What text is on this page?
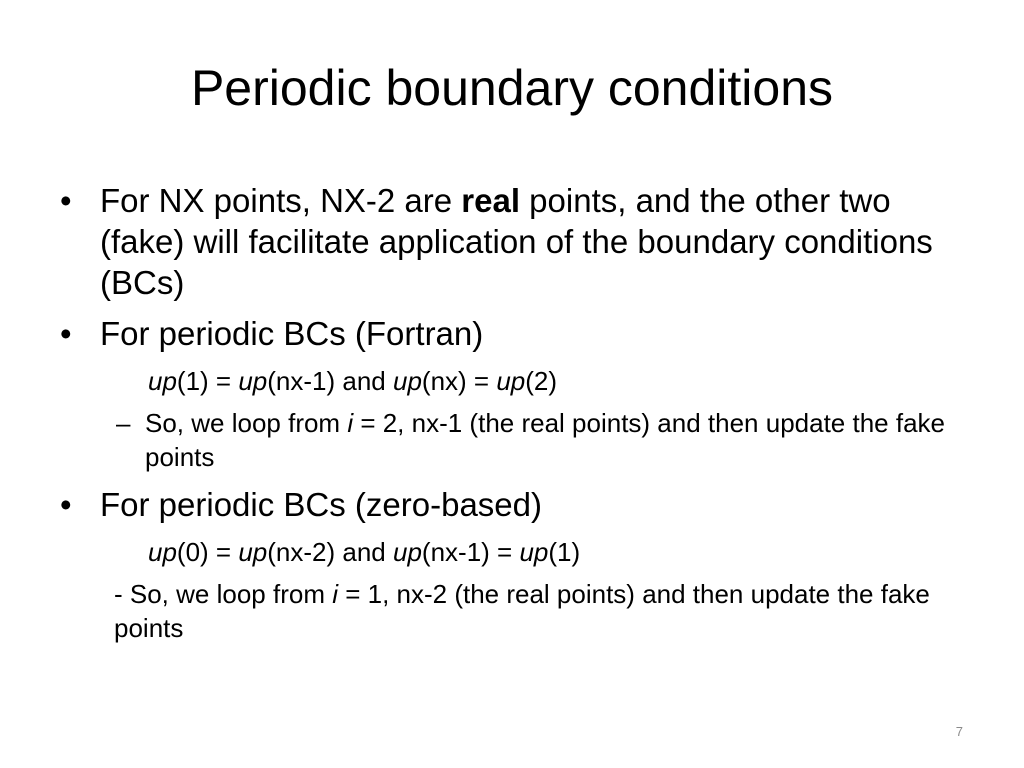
Periodic boundary conditions
• For NX points, NX-2 are real points, and the other two (fake) will facilitate application of the boundary conditions (BCs)
• For periodic BCs (Fortran)
up(1) = up(nx-1) and up(nx) = up(2)
– So, we loop from i = 2, nx-1 (the real points) and then update the fake points
• For periodic BCs (zero-based)
up(0) = up(nx-2) and up(nx-1) = up(1)
- So, we loop from i = 1, nx-2 (the real points) and then update the fake points
7
